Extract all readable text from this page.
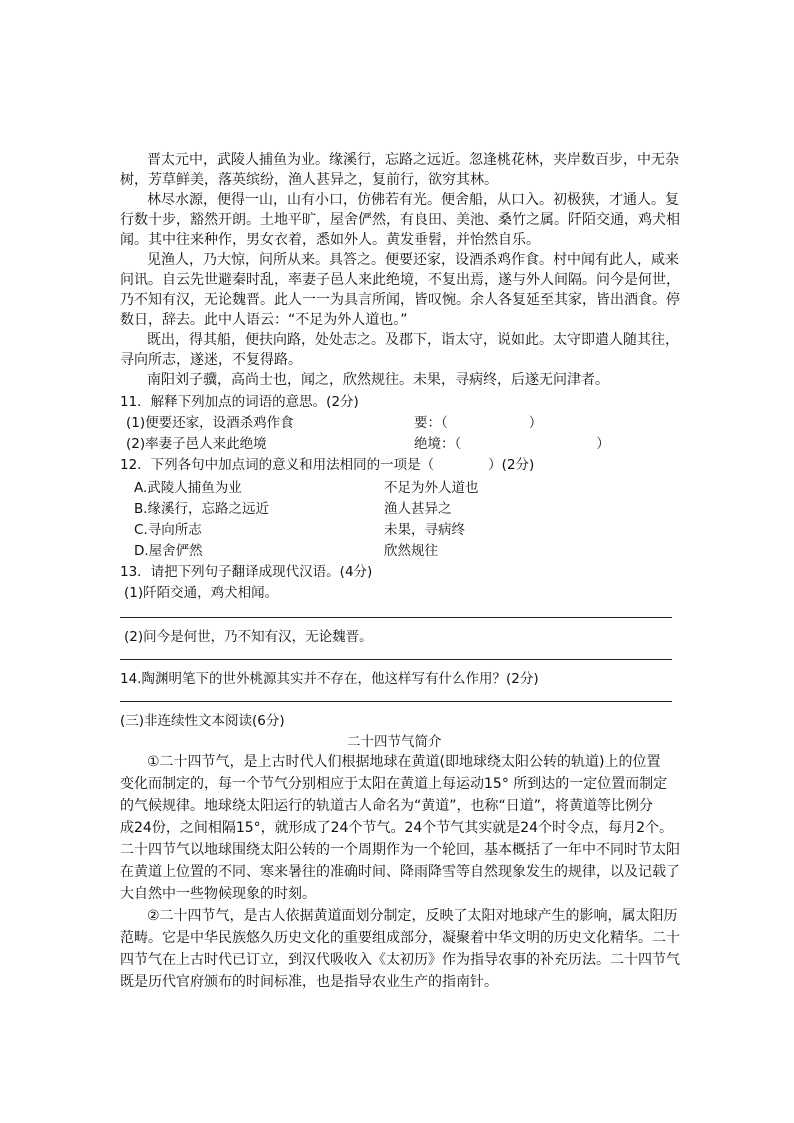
晋太元中，武陵人捕鱼为业。缘溪行，忘路之远近。忽逢桃花林，夹岸数百步，中无杂
树，芳草鲜美，落英缤纷，渔人甚异之，复前行，欲穷其林。
林尽水源，便得一山，山有小口，仿佛若有光。便舍船，从口入。初极狭，才通人。复
行数十步，豁然开朗。土地平旷，屋舍俨然，有良田、美池、桑竹之属。阡陌交通，鸡犬相
闻。其中往来种作，男女衣着，悉如外人。黄发垂髫，并怡然自乐。
见渔人，乃大惊，问所从来。具答之。便要还家，设酒杀鸡作食。村中闻有此人，咸来
问讯。自云先世避秦时乱，率妻子邑人来此绝境，不复出焉，遂与外人间隔。问今是何世，
乃不知有汉，无论魏晋。此人一一为具言所闻，皆叹惋。余人各复延至其家，皆出酒食。停
数日，辞去。此中人语云：“不足为外人道也。”
既出，得其船，便扶向路，处处志之。及郡下，诣太守，说如此。太守即遣人随其往，
寻向所志，遂迷，不复得路。
南阳刘子骥，高尚士也，闻之，欣然规往。未果，寻病终，后遂无问津者。
11．解释下列加点的词语的意思。(2分)
(1)便要还家，设酒杀鸡作食	要：（　　　　　　）
(2)率妻子邑人来此绝境	绝境：（　　　　　　　　　　）
12．下列各句中加点词的意义和用法相同的一项是（　　　　）(2分)
A.武陵人捕鱼为业	不足为外人道也
B.缘溪行，忘路之远近	渔人甚异之
C.寻向所志	未果，寻病终
D.屋舍俨然	欣然规往
13．请把下列句子翻译成现代汉语。(4分)
(1)阡陌交通，鸡犬相闻。
(2)问今是何世，乃不知有汉，无论魏晋。
14.陶渊明笔下的世外桃源其实并不存在，他这样写有什么作用？(2分)
(三)非连续性文本阅读(6分)
二十四节气简介
①二十四节气，是上古时代人们根据地球在黄道(即地球绕太阳公转的轨道)上的位置
变化而制定的，每一个节气分别相应于太阳在黄道上每运动15° 所到达的一定位置而制定
的气候规律。地球绕太阳运行的轨道古人命名为“黄道”，也称“日道”，将黄道等比例分
成24份，之间相隔15°，就形成了24个节气。24个节气其实就是24个时令点，每月2个。
二十四节气以地球围绕太阳公转的一个周期作为一个轮回，基本概括了一年中不同时节太阳
在黄道上位置的不同、寒来暑往的准确时间、降雨降雪等自然现象发生的规律，以及记载了
大自然中一些物候现象的时刻。
②二十四节气，是古人依据黄道面划分制定，反映了太阳对地球产生的影响，属太阳历
范畴。它是中华民族悠久历史文化的重要组成部分，凝聚着中华文明的历史文化精华。二十
四节气在上古时代已订立，到汉代吸收入《太初历》作为指导农事的补充历法。二十四节气
既是历代官府颁布的时间标准，也是指导农业生产的指南针。
